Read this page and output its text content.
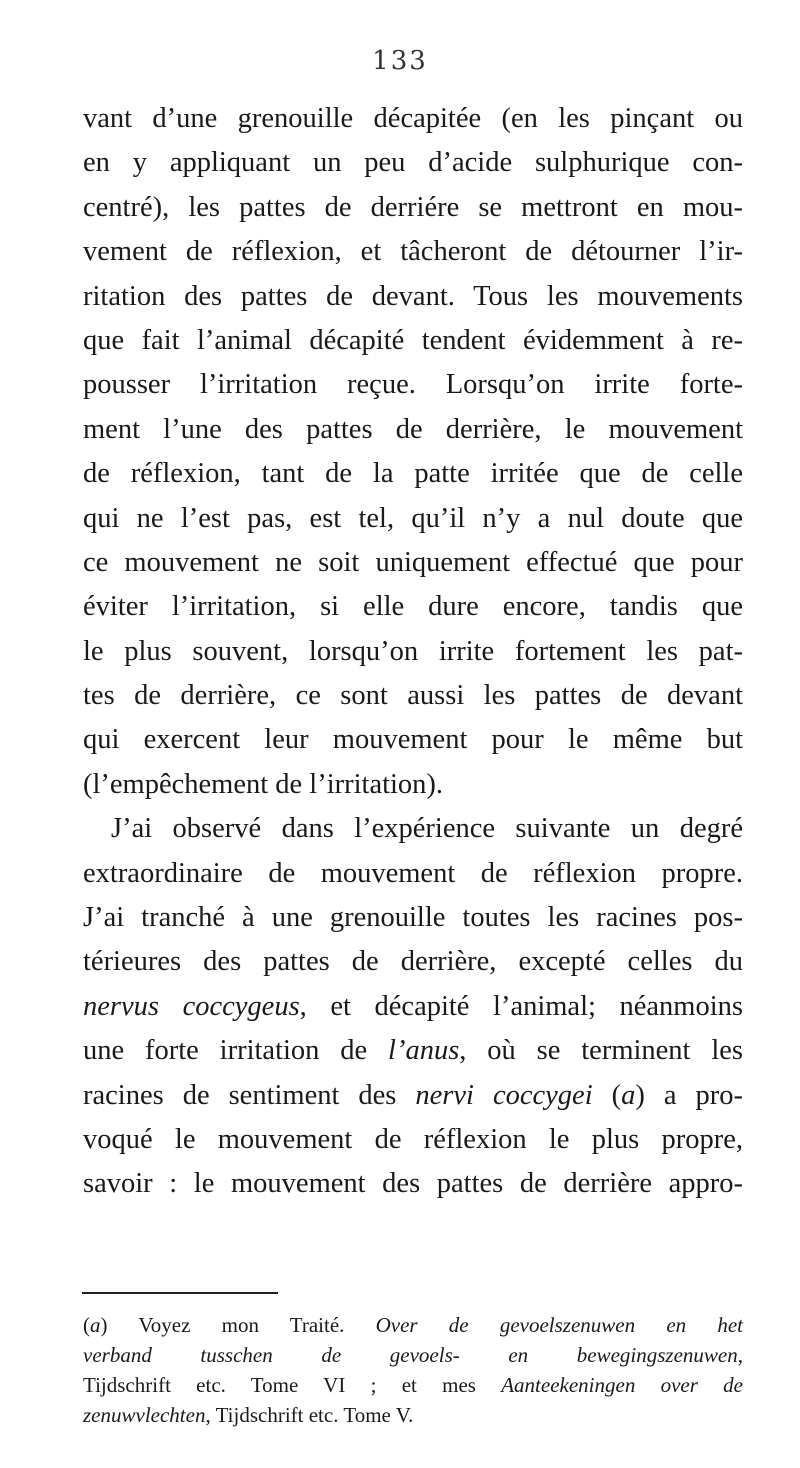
133
vant d’une grenouille décapitée (en les pinçant ou
en y appliquant un peu d’acide sulphurique con-
centré), les pattes de derriére se mettront en mou-
vement de réflexion, et tâcheront de détourner l’ir-
ritation des pattes de devant. Tous les mouvements
que fait l’animal décapité tendent évidemment à re-
pousser l’irritation reçue. Lorsqu’on irrite forte-
ment l’une des pattes de derrière, le mouvement
de réflexion, tant de la patte irritée que de celle
qui ne l’est pas, est tel, qu’il n’y a nul doute que
ce mouvement ne soit uniquement effectué que pour
éviter l’irritation, si elle dure encore, tandis que
le plus souvent, lorsqu’on irrite fortement les pat-
tes de derrière, ce sont aussi les pattes de devant
qui exercent leur mouvement pour le même but
(l’empêchement de l’irritation).
J’ai observé dans l’expérience suivante un degré
extraordinaire de mouvement de réflexion propre.
J’ai tranché à une grenouille toutes les racines pos-
térieures des pattes de derrière, excepté celles du
nervus coccygeus, et décapité l’animal; néanmoins
une forte irritation de l’anus, où se terminent les
racines de sentiment des nervi coccygei (a) a pro-
voqué le mouvement de réflexion le plus propre,
savoir : le mouvement des pattes de derrière appro-
(a) Voyez mon Traité. Over de gevoelszenuwen en het
verband tusschen de gevoels- en bewegingszenuwen,
Tijdschrift etc. Tome VI ; et mes Aanteekeningen over de
zenuwvlechten, Tijdschrift etc. Tome V.
